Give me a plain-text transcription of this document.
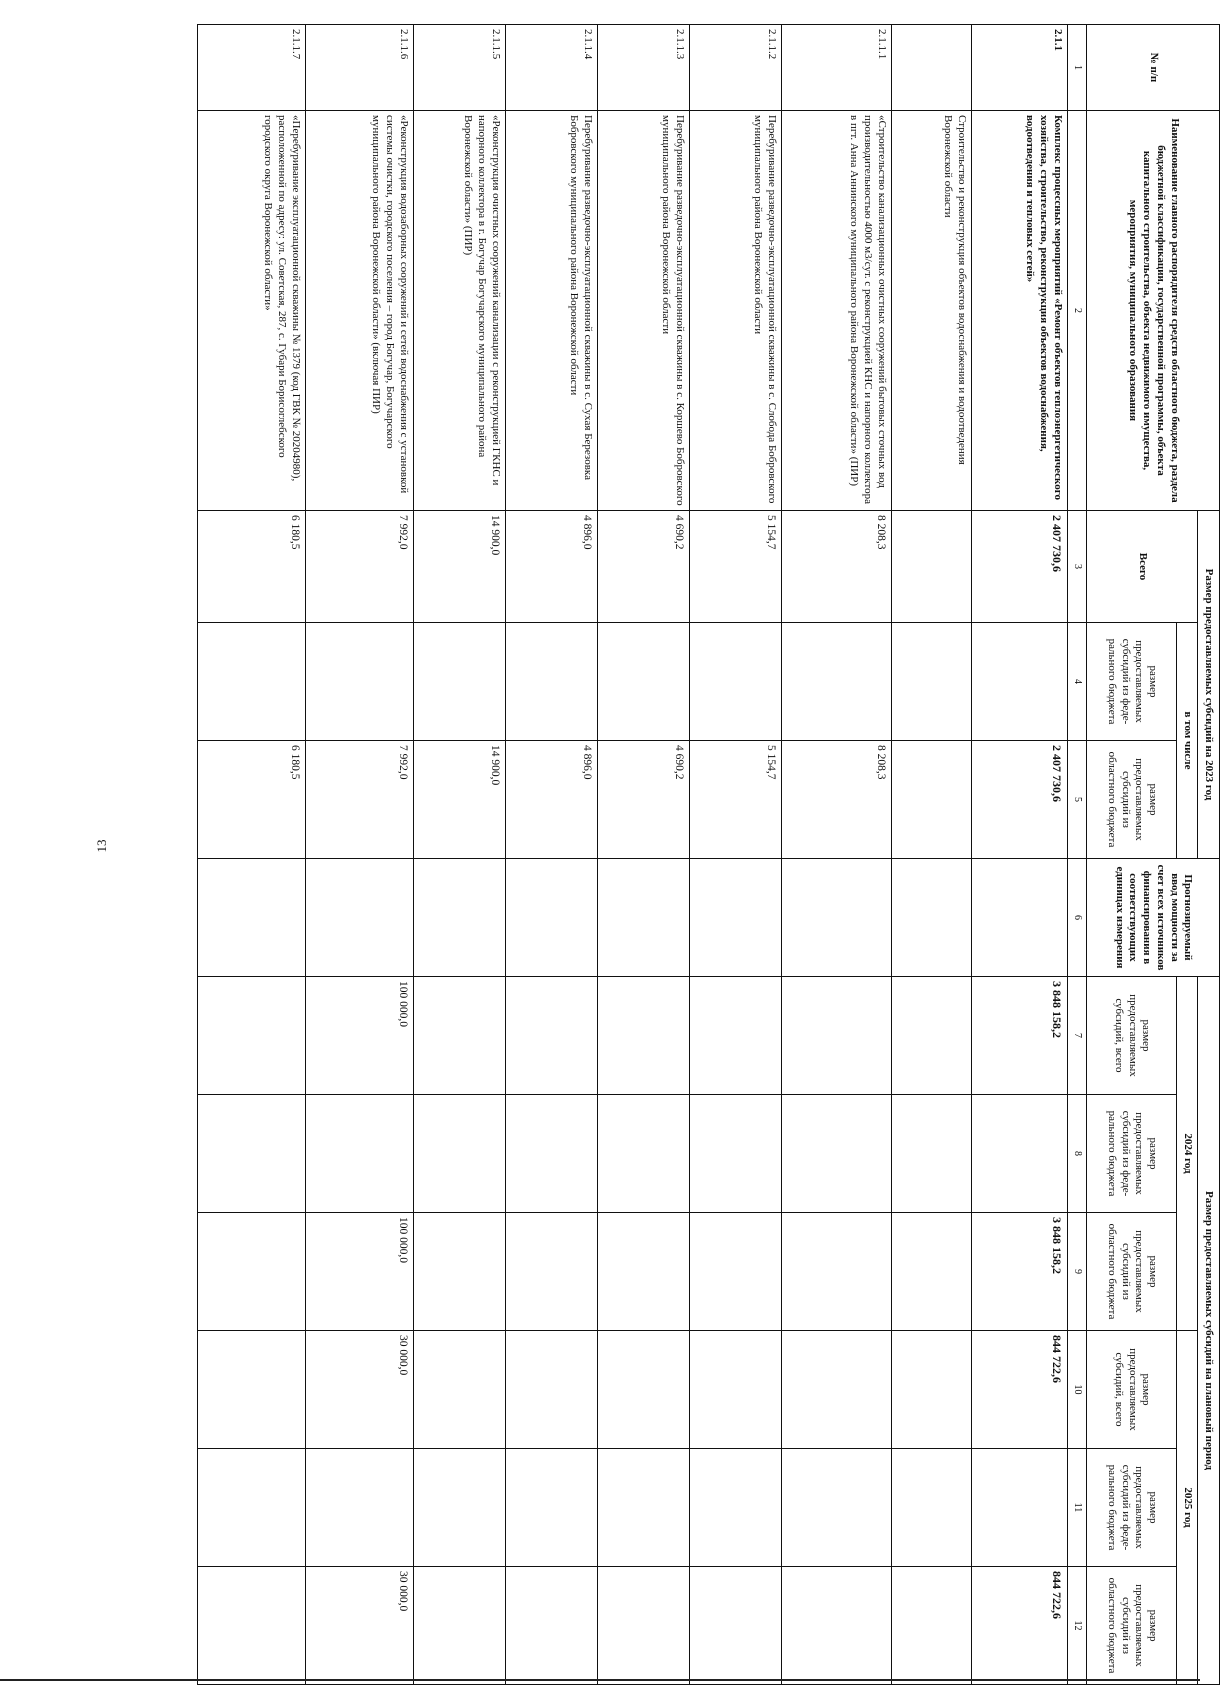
13
№ п/п	Наименование главного распорядителя средств областного бюджета, раздела бюджетной классификации, государственной программы, объекта капитального строительства, объекта недвижимого имущества, мероприятия, муниципального образования	Размер предоставляемых субсидий на 2023 год			Прогнозируемый ввод мощности за счет всех источников финансирования в соответствующих единицах измерения	Размер предоставляемых субсидий на плановый период					
		Всего	в том числе			2024 год			2025 год		
			размер предоставляемых субсидий из феде-рального бюджета	размер предоставляемых субсидий из областного бюджета		размер предоставляемых субсидий, всего	размер предоставляемых субсидий из феде-рального бюджета	размер предоставляемых субсидий из областного бюджета	размер предоставляемых субсидий, всего	размер предоставляемых субсидий из феде-рального бюджета	размер предоставляемых субсидий из областного бюджета

1	2	3	4	5	6	7	8	9	10	11	12
2.1.1	Комплекс процессных мероприятий «Ремонт объектов теплоэнергетического хозяйства, строительство, реконструкция объектов водоснабжения, водоотведения и тепловых сетей»	2 407 730,6		2 407 730,6		3 848 158,2		3 848 158,2	844 722,6		844 722,6
	Строительство и реконструкция объектов водоснабжения и водоотведения Воронежской области										
2.1.1.1	«Строительство канализационных очистных сооружений бытовых сточных вод производительностью 4000 м3/сут. с реконструкцией КНС и напорного коллектора в пгт. Анна Аннинского муниципального района Воронежской области» (ПИР)	8 208,3		8 208,3							
2.1.1.2	Перебуривание разведочно-эксплуатационной скважины в с. Слобода Бобровского муниципального района Воронежской области	5 154,7		5 154,7							
2.1.1.3	Перебуривание разведочно-эксплуатационной скважины в с. Коршево Бобровского муниципального района Воронежской области	4 690,2		4 690,2							
2.1.1.4	Перебуривание разведочно-эксплуатационной скважины в с. Сухая Березовка Бобровского муниципального района Воронежской области	4 896,0		4 896,0							
2.1.1.5	«Реконструкция очистных сооружений канализации с реконструкцией ГКНС и напорного коллектора в г. Богучар Богучарского муниципального района Воронежской области» (ПИР)	14 900,0		14 900,0							
2.1.1.6	«Реконструкция водозаборных сооружений и сетей водоснабжения с установкой системы очистки, городского поселения – город Богучар, Богучарского муниципального района Воронежской области» (включая ПИР)	7 992,0		7 992,0		100 000,0		100 000,0	30 000,0		30 000,0
2.1.1.7	«Перебуривание эксплуатационной скважины № 1379 (код ГВК № 20204980), расположенной по адресу: ул. Советская, 287, с. Губари Борисоглебского городского округа Воронежской области»	6 180,5		6 180,5							
